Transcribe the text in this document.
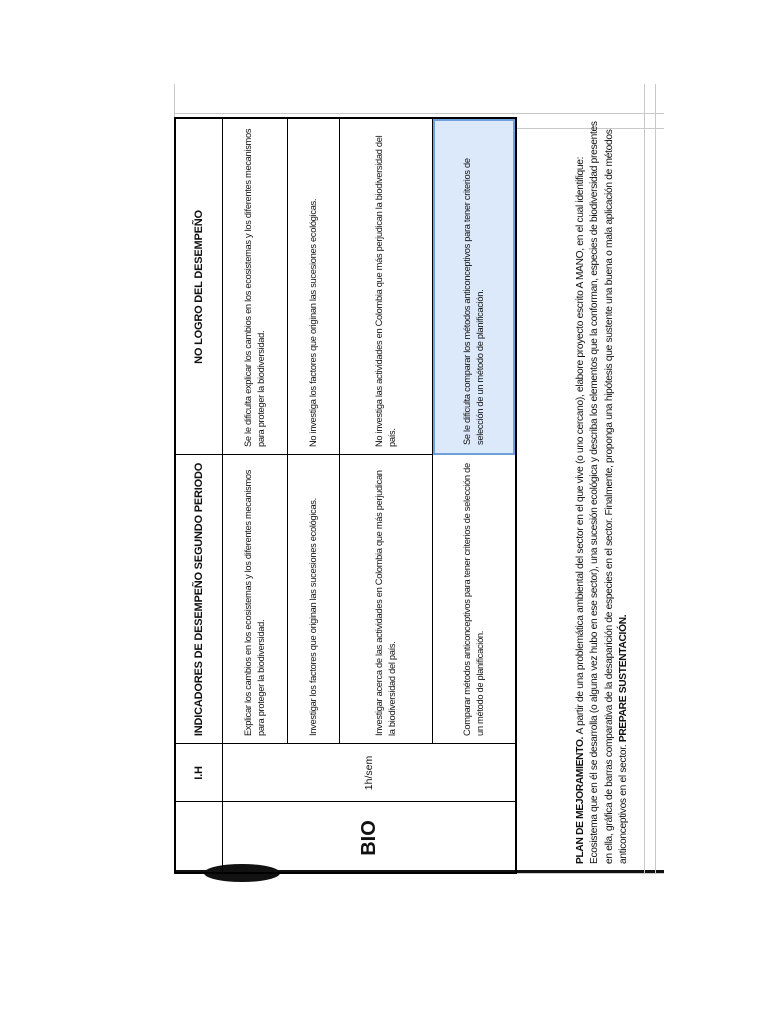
I.H
INDICADORES DE DESEMPEÑO SEGUNDO PERIODO
NO LOGRO DEL DESEMPEÑO
BIO
1h/sem
Explicar los cambios en los ecosistemas y los diferentes mecanismos para proteger la biodiversidad.
Se le dificulta explicar los cambios en los ecosistemas y los diferentes mecanismos para proteger la biodiversidad.
Investigar los factores que originan las sucesiones ecológicas.
No investiga los factores que originan las sucesiones ecológicas.
Investigar acerca de las actividades en Colombia que más perjudican la biodiversidad del país.
No investiga las actividades en Colombia que más perjudican la biodiversidad del país.
Comparar métodos anticonceptivos para tener criterios de selección de un método de planificación.
Se le dificulta comparar los métodos anticonceptivos para tener criterios de selección de un método de planificación.
PLAN DE MEJORAMIENTO. A partir de una problemática ambiental del sector en el que vive (o uno cercano), elabore proyecto escrito A MANO, en el cual identifique: Ecosistema que en él se desarrolla (o alguna vez hubo en ese sector), una sucesión ecológica y describa los elementos que la conforman, especies de biodiversidad presentes en ella, gráfica de barras comparativa de la desaparición de especies en el sector. Finalmente, proponga una hipótesis que sustente una buena o mala aplicación de métodos anticonceptivos en el sector. PREPARE SUSTENTACIÓN.
